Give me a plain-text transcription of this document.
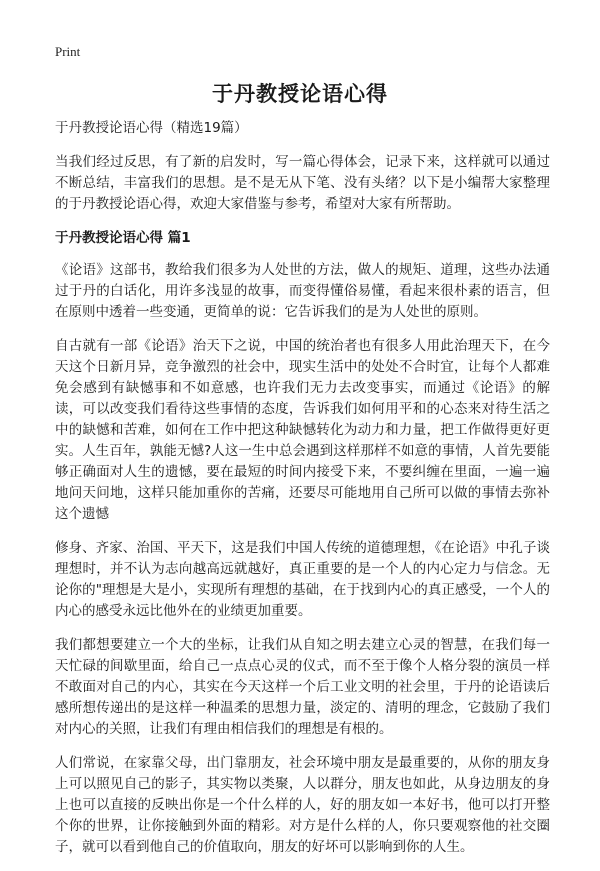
Print
于丹教授论语心得

于丹教授论语心得（精选19篇）

当我们经过反思，有了新的启发时，写一篇心得体会，记录下来，这样就可以通过不断总结，丰富我们的思想。是不是无从下笔、没有头绪？以下是小编帮大家整理的于丹教授论语心得，欢迎大家借鉴与参考，希望对大家有所帮助。

于丹教授论语心得 篇1

《论语》这部书，教给我们很多为人处世的方法，做人的规矩、道理，这些办法通过于丹的白话化，用许多浅显的故事，而变得懂俗易懂，看起来很朴素的语言，但在原则中透着一些变通，更简单的说：它告诉我们的是为人处世的原则。

自古就有一部《论语》治天下之说，中国的统治者也有很多人用此治理天下，在今天这个日新月异，竞争激烈的社会中，现实生活中的处处不合时宜，让每个人都难免会感到有缺憾事和不如意感，也许我们无力去改变事实，而通过《论语》的解读，可以改变我们看待这些事情的态度，告诉我们如何用平和的心态来对待生活之中的缺憾和苦难，如何在工作中把这种缺憾转化为动力和力量，把工作做得更好更实。人生百年，孰能无憾?人这一生中总会遇到这样那样不如意的事情，人首先要能够正确面对人生的遗憾，要在最短的时间内接受下来，不要纠缠在里面，一遍一遍地问天问地，这样只能加重你的苦痛，还要尽可能地用自己所可以做的事情去弥补这个遗憾

修身、齐家、治国、平天下，这是我们中国人传统的道德理想，《在论语》中孔子谈理想时，并不认为志向越高远就越好，真正重要的是一个人的内心定力与信念。无论你的"理想是大是小，实现所有理想的基础，在于找到内心的真正感受，一个人的内心的感受永远比他外在的业绩更加重要。

我们都想要建立一个大的坐标，让我们从自知之明去建立心灵的智慧，在我们每一天忙碌的间歇里面，给自己一点点心灵的仪式，而不至于像个人格分裂的演员一样不敢面对自己的内心，其实在今天这样一个后工业文明的社会里，于丹的论语读后感所想传递出的是这样一种温柔的思想力量，淡定的、清明的理念，它鼓励了我们对内心的关照，让我们有理由相信我们的理想是有根的。

人们常说，在家靠父母，出门靠朋友，社会环境中朋友是最重要的，从你的朋友身上可以照见自己的影子，其实物以类聚，人以群分，朋友也如此，从身边朋友的身上也可以直接的反映出你是一个什么样的人，好的朋友如一本好书，他可以打开整个你的世界，让你接触到外面的精彩。对方是什么样的人，你只要观察他的社交圈子，就可以看到他自己的价值取向，朋友的好坏可以影响到你的人生。
